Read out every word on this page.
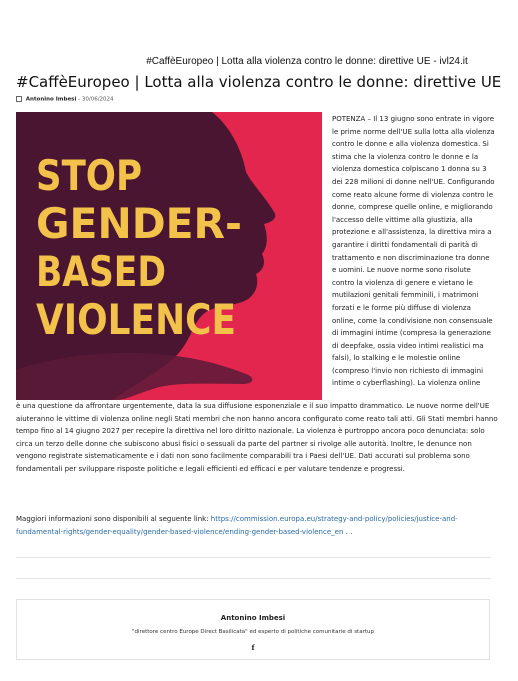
#CaffèEuropeo | Lotta alla violenza contro le donne: direttive UE - ivl24.it
#CaffèEuropeo | Lotta alla violenza contro le donne: direttive UE
Antonino Imbesi - 30/06/2024
STOP
GENDER-
BASED
VIOLENCE
POTENZA – Il 13 giugno sono entrate in vigore le prime norme dell'UE sulla lotta alla violenza contro le donne e alla violenza domestica. Si stima che la violenza contro le donne e la violenza domestica colpiscano 1 donna su 3 dei 228 milioni di donne nell'UE. Configurando come reato alcune forme di violenza contro le donne, comprese quelle online, e migliorando l'accesso delle vittime alla giustizia, alla protezione e all'assistenza, la direttiva mira a garantire i diritti fondamentali di parità di trattamento e non discriminazione tra donne e uomini. Le nuove norme sono risolute contro la violenza di genere e vietano le mutilazioni genitali femminili, i matrimoni forzati e le forme più diffuse di violenza online, come la condivisione non consensuale di immagini intime (compresa la generazione di deepfake, ossia video intimi realistici ma falsi), lo stalking e le molestie online (compreso l'invio non richiesto di immagini intime o cyberflashing). La violenza online
è una questione da affrontare urgentemente, data la sua diffusione esponenziale e il suo impatto drammatico. Le nuove norme dell'UE aiuteranno le vittime di violenza online negli Stati membri che non hanno ancora configurato come reato tali atti. Gli Stati membri hanno tempo fino al 14 giugno 2027 per recepire la direttiva nel loro diritto nazionale. La violenza è purtroppo ancora poco denunciata: solo circa un terzo delle donne che subiscono abusi fisici o sessuali da parte del partner si rivolge alle autorità. Inoltre, le denunce non vengono registrate sistematicamente e i dati non sono facilmente comparabili tra i Paesi dell'UE. Dati accurati sul problema sono fondamentali per sviluppare risposte politiche e legali efficienti ed efficaci e per valutare tendenze e progressi.
Maggiori informazioni sono disponibili al seguente link: https://commission.europa.eu/strategy-and-policy/policies/justice-and-fundamental-rights/gender-equality/gender-based-violence/ending-gender-based-violence_en . .
Antonino Imbesi
"direttore centro Europe Direct Basilicata" ed esperto di politiche comunitarie di startup
f
